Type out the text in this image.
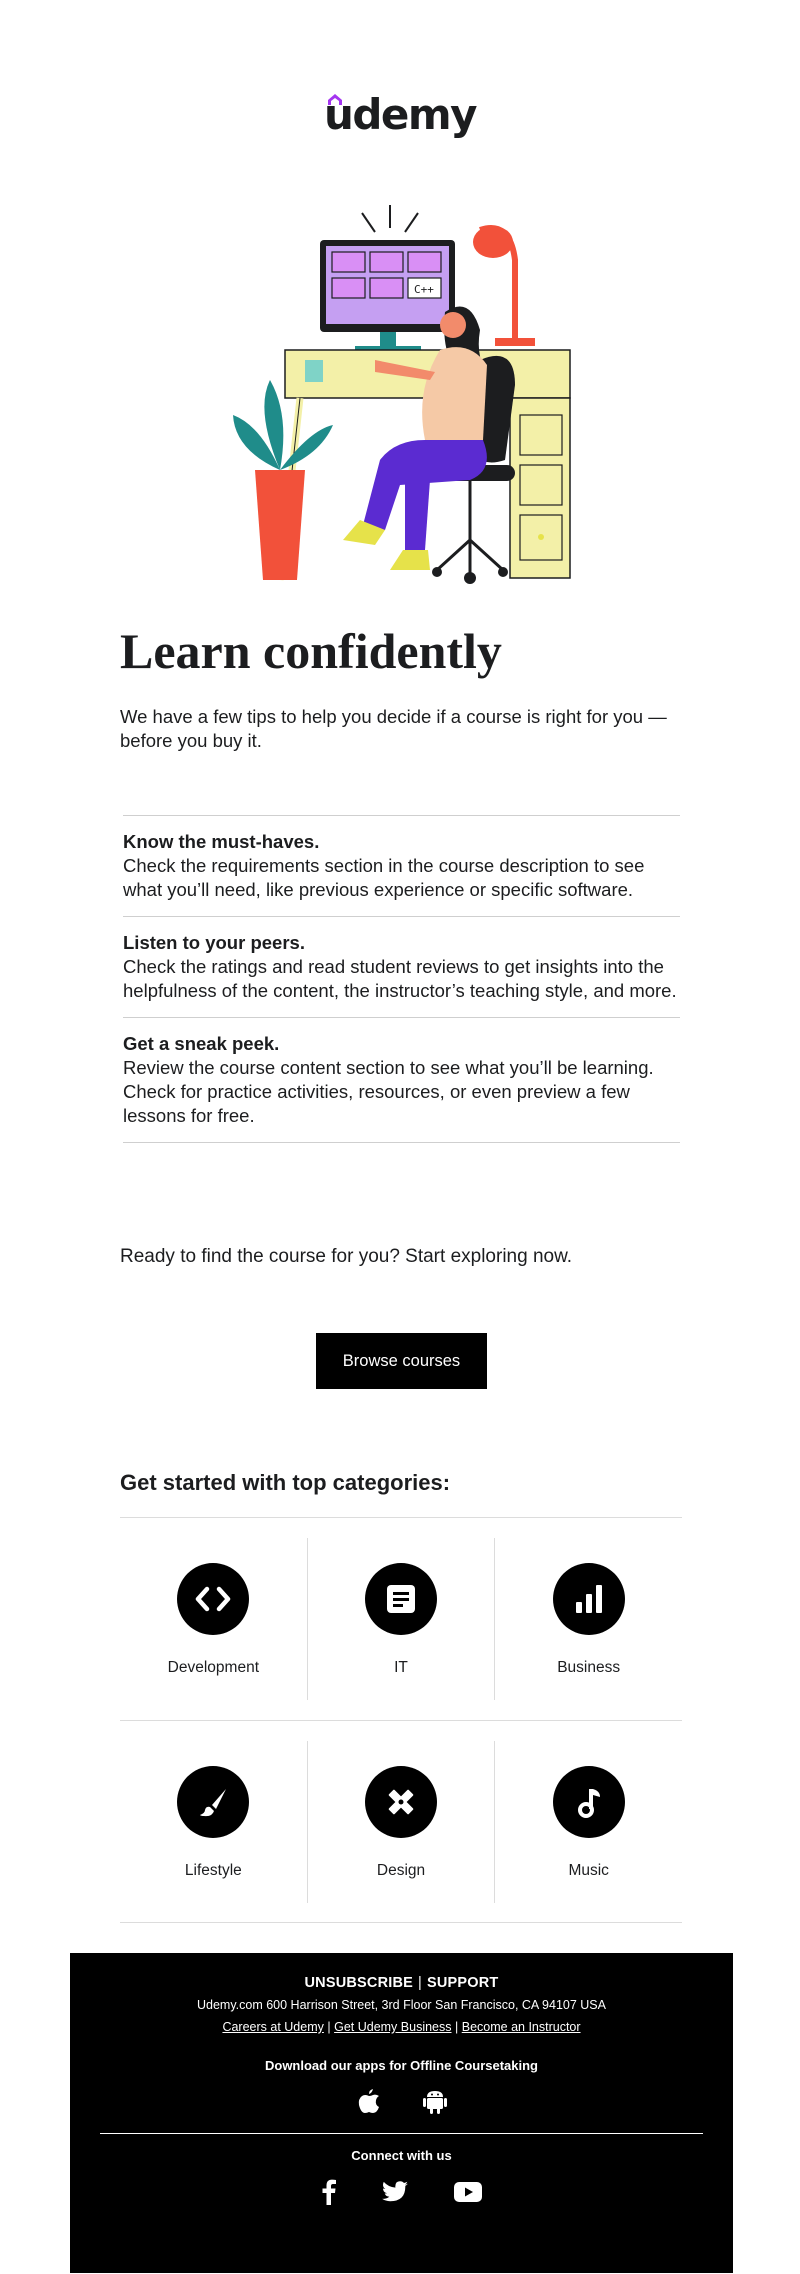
udemy
C++
Learn confidently

We have a few tips to help you decide if a course is right for you — before you buy it.

Know the must-haves.
Check the requirements section in the course description to see what you’ll need, like previous experience or specific software.
Listen to your peers.
Check the ratings and read student reviews to get insights into the helpfulness of the content, the instructor’s teaching style, and more.
Get a sneak peek.
Review the course content section to see what you’ll be learning. Check for practice activities, resources, or even preview a few lessons for free.

Ready to find the course for you? Start exploring now.

Browse courses
Get started with top categories:
Development	IT	Business
Lifestyle	Design	Music
UNSUBSCRIBE | SUPPORT
Udemy.com 600 Harrison Street, 3rd Floor San Francisco, CA 94107 USA
Careers at Udemy | Get Udemy Business | Become an Instructor
Download our apps for Offline Coursetaking
Connect with us
